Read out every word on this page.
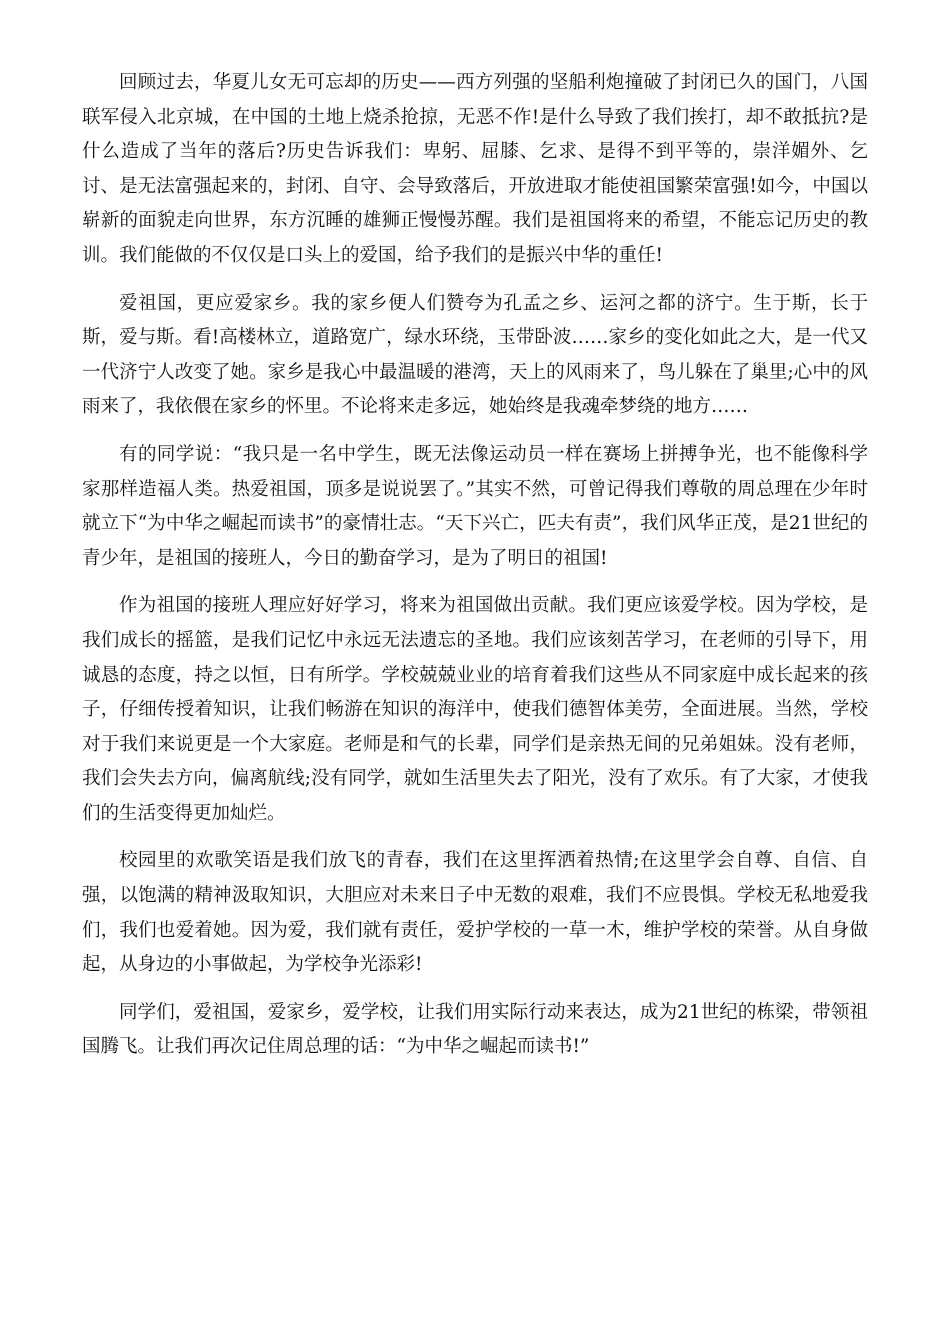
回顾过去，华夏儿女无可忘却的历史——西方列强的坚船利炮撞破了封闭已久的国门，八国联军侵入北京城，在中国的土地上烧杀抢掠，无恶不作!是什么导致了我们挨打，却不敢抵抗?是什么造成了当年的落后?历史告诉我们：卑躬、屈膝、乞求、是得不到平等的，崇洋媚外、乞讨、是无法富强起来的，封闭、自守、会导致落后，开放进取才能使祖国繁荣富强!如今，中国以崭新的面貌走向世界，东方沉睡的雄狮正慢慢苏醒。我们是祖国将来的希望，不能忘记历史的教训。我们能做的不仅仅是口头上的爱国，给予我们的是振兴中华的重任!

爱祖国，更应爱家乡。我的家乡便人们赞夸为孔孟之乡、运河之都的济宁。生于斯，长于斯，爱与斯。看!高楼林立，道路宽广，绿水环绕，玉带卧波……家乡的变化如此之大，是一代又一代济宁人改变了她。家乡是我心中最温暖的港湾，天上的风雨来了，鸟儿躲在了巢里;心中的风雨来了，我依偎在家乡的怀里。不论将来走多远，她始终是我魂牵梦绕的地方……

有的同学说：“我只是一名中学生，既无法像运动员一样在赛场上拼搏争光，也不能像科学家那样造福人类。热爱祖国，顶多是说说罢了。”其实不然，可曾记得我们尊敬的周总理在少年时就立下“为中华之崛起而读书”的豪情壮志。“天下兴亡，匹夫有责”，我们风华正茂，是21世纪的青少年，是祖国的接班人，今日的勤奋学习，是为了明日的祖国!

作为祖国的接班人理应好好学习，将来为祖国做出贡献。我们更应该爱学校。因为学校，是我们成长的摇篮，是我们记忆中永远无法遗忘的圣地。我们应该刻苦学习，在老师的引导下，用诚恳的态度，持之以恒，日有所学。学校兢兢业业的培育着我们这些从不同家庭中成长起来的孩子，仔细传授着知识，让我们畅游在知识的海洋中，使我们德智体美劳，全面进展。当然，学校对于我们来说更是一个大家庭。老师是和气的长辈，同学们是亲热无间的兄弟姐妹。没有老师，我们会失去方向，偏离航线;没有同学，就如生活里失去了阳光，没有了欢乐。有了大家，才使我们的生活变得更加灿烂。

校园里的欢歌笑语是我们放飞的青春，我们在这里挥洒着热情;在这里学会自尊、自信、自强，以饱满的精神汲取知识，大胆应对未来日子中无数的艰难，我们不应畏惧。学校无私地爱我们，我们也爱着她。因为爱，我们就有责任，爱护学校的一草一木，维护学校的荣誉。从自身做起，从身边的小事做起，为学校争光添彩!

同学们，爱祖国，爱家乡，爱学校，让我们用实际行动来表达，成为21世纪的栋梁，带领祖国腾飞。让我们再次记住周总理的话：“为中华之崛起而读书!”
